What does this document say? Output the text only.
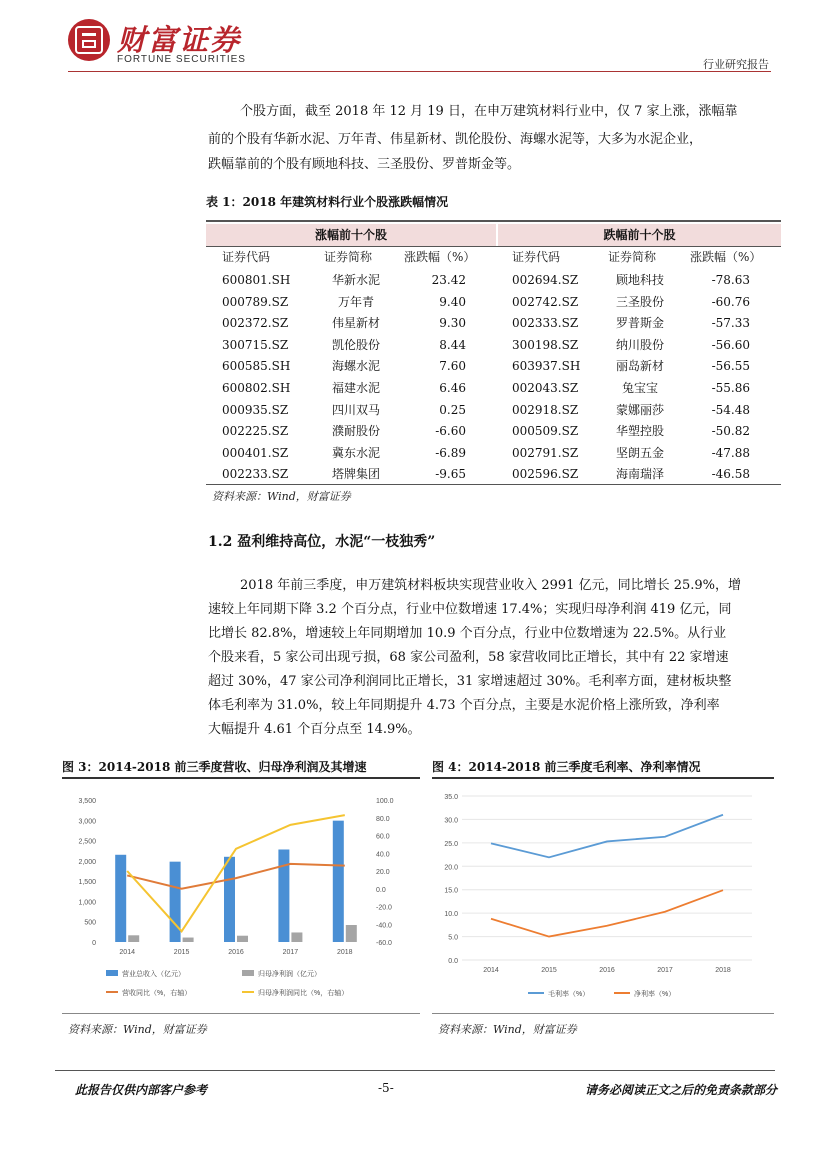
财富证券
FORTUNE SECURITIES	行业研究报告

个股方面，截至 2018 年 12 月 19 日，在申万建筑材料行业中，仅 7 家上涨，涨幅靠

前的个股有华新水泥、万年青、伟星新材、凯伦股份、海螺水泥等，大多为水泥企业，

跌幅靠前的个股有顾地科技、三圣股份、罗普斯金等。

表 1：2018 年建筑材料行业个股涨跌幅情况
涨幅前十个股	跌幅前十个股
证券代码	证券简称	涨跌幅（%）	证券代码	证券简称	涨跌幅（%）
600801.SH	华新水泥	23.42	002694.SZ	顾地科技	-78.63
000789.SZ	万年青	9.40	002742.SZ	三圣股份	-60.76
002372.SZ	伟星新材	9.30	002333.SZ	罗普斯金	-57.33
300715.SZ	凯伦股份	8.44	300198.SZ	纳川股份	-56.60
600585.SH	海螺水泥	7.60	603937.SH	丽岛新材	-56.55
600802.SH	福建水泥	6.46	002043.SZ	兔宝宝	-55.86
000935.SZ	四川双马	0.25	002918.SZ	蒙娜丽莎	-54.48
002225.SZ	濮耐股份	-6.60	000509.SZ	华塑控股	-50.82
000401.SZ	冀东水泥	-6.89	002791.SZ	坚朗五金	-47.88
002233.SZ	塔牌集团	-9.65	002596.SZ	海南瑞泽	-46.58
资料来源：Wind，财富证券
1.2 盈利维持高位，水泥“一枝独秀”

2018 年前三季度，申万建筑材料板块实现营业收入 2991 亿元，同比增长 25.9%，增

速较上年同期下降 3.2 个百分点，行业中位数增速 17.4%；实现归母净利润 419 亿元，同

比增长 82.8%，增速较上年同期增加 10.9 个百分点，行业中位数增速为 22.5%。从行业

个股来看，5 家公司出现亏损，68 家公司盈利，58 家营收同比正增长，其中有 22 家增速

超过 30%，47 家公司净利润同比正增长，31 家增速超过 30%。毛利率方面，建材板块整

体毛利率为 31.0%，较上年同期提升 4.73 个百分点，主要是水泥价格上涨所致，净利率

大幅提升 4.61 个百分点至 14.9%。

图 3：2014-2018 前三季度营收、归母净利润及其增速	图 4：2014-2018 前三季度毛利率、净利率情况
0
500
1,000
1,500
2,000
2,500
3,000
3,500
-60.0
-40.0
-20.0
0.0
20.0
40.0
60.0
80.0
100.0
2014	2015	2016	2017	2018
营业总收入（亿元）	归母净利润（亿元）
营收同比（%，右轴）	归母净利润同比（%，右轴）
0.0
5.0
10.0
15.0
20.0
25.0
30.0
35.0
2014	2015	2016	2017	2018
毛利率（%）	净利率（%）
资料来源：Wind，财富证券	资料来源：Wind，财富证券
此报告仅供内部客户参考	-5-	请务必阅读正文之后的免责条款部分
